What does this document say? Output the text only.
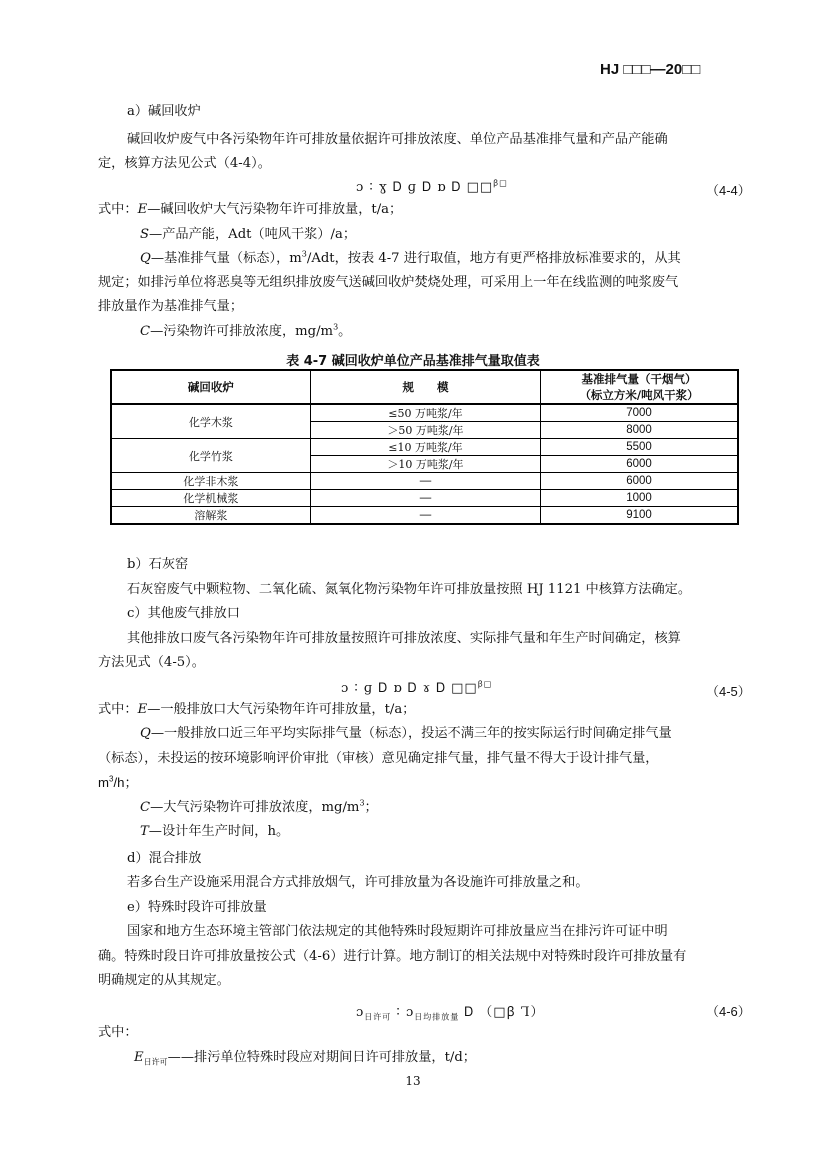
HJ □□□—20□□
a）碱回收炉
碱回收炉废气中各污染物年许可排放量依据许可排放浓度、单位产品基准排气量和产品产能确
定，核算方法见公式（4-4）。
ɔ ∶ ɣ Ꭰ ɡ Ꭰ ɒ Ꭰ □□$^{ꞵ□}$	（4-4）
式中：E—碱回收炉大气污染物年许可排放量，t/a；
S—产品产能，Adt（吨风干浆）/a；
Q—基准排气量（标态），$m^3$/Adt，按表 4-7 进行取值，地方有更严格排放标准要求的，从其
规定；如排污单位将恶臭等无组织排放废气送碱回收炉焚烧处理，可采用上一年在线监测的吨浆废气
排放量作为基准排气量；
C—污染物许可排放浓度，$mg/m^3$。
表 4-7 碱回收炉单位产品基准排气量取值表
碱回收炉	规　　模	基准排气量（干烟气）
（标立方米/吨风干浆）

化学木浆	≤50 万吨浆/年	7000
	＞50 万吨浆/年	8000
化学竹浆	≤10 万吨浆/年	5500
	＞10 万吨浆/年	6000
化学非木浆	—	6000
化学机械浆	—	1000
溶解浆	—	9100
b）石灰窑
石灰窑废气中颗粒物、二氧化硫、氮氧化物污染物年许可排放量按照 HJ 1121 中核算方法确定。
c）其他废气排放口
其他排放口废气各污染物年许可排放量按照许可排放浓度、实际排气量和年生产时间确定，核算
方法见式（4-5）。
ɔ ∶ ɡ Ꭰ ɒ Ꭰ ɤ Ꭰ □□$^{ꞵ□}$	（4-5）
式中：E—一般排放口大气污染物年许可排放量，t/a；
Q—一般排放口近三年平均实际排气量（标态），投运不满三年的按实际运行时间确定排气量
（标态），未投运的按环境影响评价审批（审核）意见确定排气量，排气量不得大于设计排气量，
$m^3/h$；
C—大气污染物许可排放浓度，$mg/m^3$；
T—设计年生产时间，h。
d）混合排放
若多台生产设施采用混合方式排放烟气，许可排放量为各设施许可排放量之和。
e）特殊时段许可排放量
国家和地方生态环境主管部门依法规定的其他特殊时段短期许可排放量应当在排污许可证中明
确。特殊时段日许可排放量按公式（4-6）进行计算。地方制订的相关法规中对特殊时段许可排放量有
明确规定的从其规定。
ɔ$_{日许可}$ ∶ ɔ$_{日均排放量}$ Ꭰ （□ꞵ Ꞁ）	（4-6）
式中：
$E_{日许可}——$排污单位特殊时段应对期间日许可排放量，t/d；
13
